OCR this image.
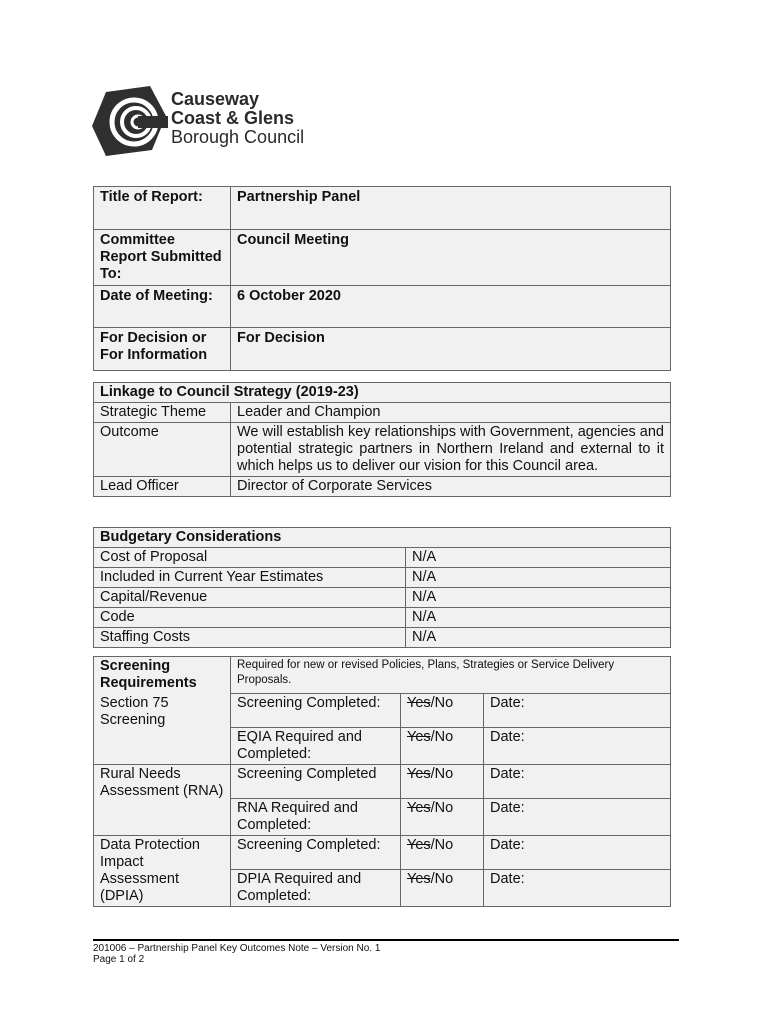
Causeway
Coast & Glens
Borough Council
Title of Report:	Partnership Panel
Committee Report Submitted To:	Council Meeting
Date of Meeting:	6 October 2020
For Decision or For Information	For Decision
Linkage to Council Strategy (2019-23)	
Strategic Theme	Leader and Champion
Outcome	We will establish key relationships with Government, agencies and potential strategic partners in Northern Ireland and external to it which helps us to deliver our vision for this Council area.
Lead Officer	Director of Corporate Services
Budgetary Considerations	
Cost of Proposal	N/A
Included in Current Year Estimates	N/A
Capital/Revenue	N/A
Code	N/A
Staffing Costs	N/A
Screening Requirements	Required for new or revised Policies, Plans, Strategies or Service Delivery Proposals.		
Section 75 Screening	Screening Completed:	Yes/No	Date:
	EQIA Required and Completed:	Yes/No	Date:
Rural Needs Assessment (RNA)	Screening Completed	Yes/No	Date:
	RNA Required and Completed:	Yes/No	Date:
Data Protection Impact Assessment (DPIA)	Screening Completed:	Yes/No	Date:
	DPIA Required and Completed:	Yes/No	Date:
201006 – Partnership Panel Key Outcomes Note – Version No. 1
Page 1 of 2
